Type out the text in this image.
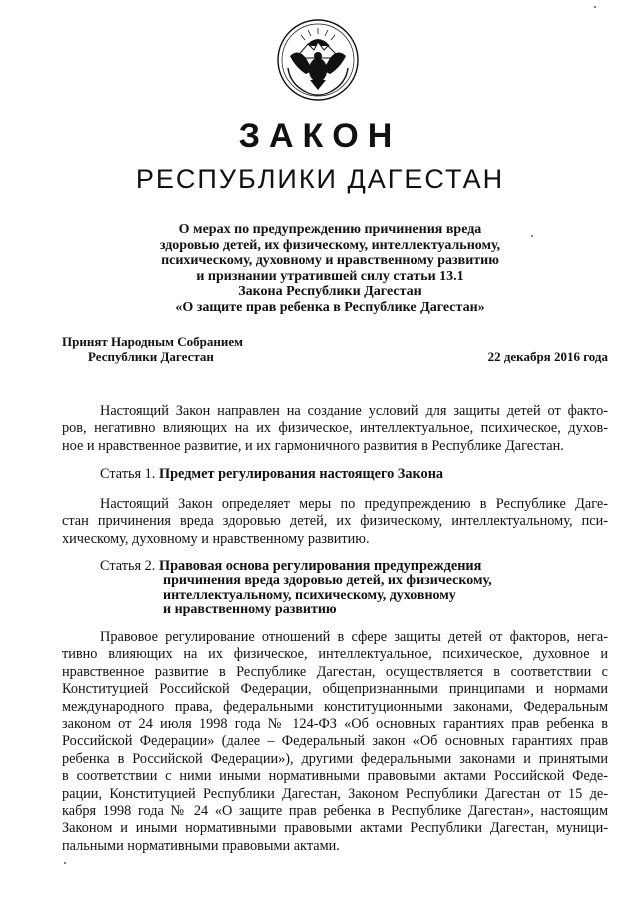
ЗАКОН
РЕСПУБЛИКИ ДАГЕСТАН
О мерах по предупреждению причинения вреда
здоровью детей, их физическому, интеллектуальному,
психическому, духовному и нравственному развитию
и признании утратившей силу статьи 13.1
Закона Республики Дагестан
«О защите прав ребенка в Республике Дагестан»
Принят Народным Собранием
Республики Дагестан	22 декабря 2016 года
Настоящий Закон направлен на создание условий для защиты детей от факто-
ров, негативно влияющих на их физическое, интеллектуальное, психическое, духов-
ное и нравственное развитие, и их гармоничного развития в Республике Дагестан.
Статья 1. Предмет регулирования настоящего Закона
Настоящий Закон определяет меры по предупреждению в Республике Даге-
стан причинения вреда здоровью детей, их физическому, интеллектуальному, пси-
хическому, духовному и нравственному развитию.
Статья 2. Правовая основа регулирования предупреждения
причинения вреда здоровью детей, их физическому,
интеллектуальному, психическому, духовному
и нравственному развитию
Правовое регулирование отношений в сфере защиты детей от факторов, нега-
тивно влияющих на их физическое, интеллектуальное, психическое, духовное и
нравственное развитие в Республике Дагестан, осуществляется в соответствии с
Конституцией Российской Федерации, общепризнанными принципами и нормами
международного права, федеральными конституционными законами, Федеральным
законом от 24 июля 1998 года № 124-ФЗ «Об основных гарантиях прав ребенка в
Российской Федерации» (далее – Федеральный закон «Об основных гарантиях прав
ребенка в Российской Федерации»), другими федеральными законами и принятыми
в соответствии с ними иными нормативными правовыми актами Российской Феде-
рации, Конституцией Республики Дагестан, Законом Республики Дагестан от 15 де-
кабря 1998 года № 24 «О защите прав ребенка в Республике Дагестан», настоящим
Законом и иными нормативными правовыми актами Республики Дагестан, муници-
пальными нормативными правовыми актами.
